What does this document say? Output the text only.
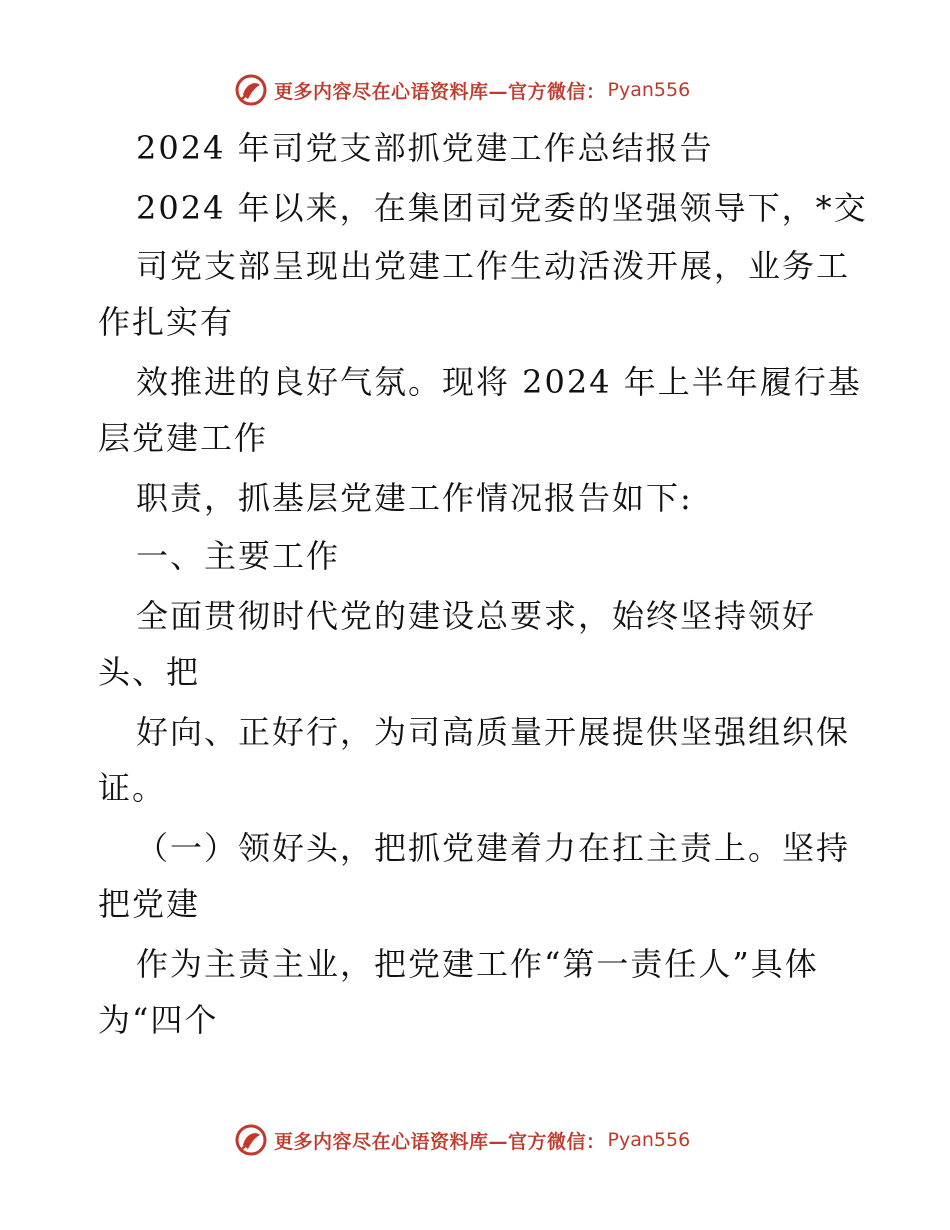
更多内容尽在心语资料库—官方微信： Pyan556
2024 年司党支部抓党建工作总结报告
2024 年以来，在集团司党委的坚强领导下，*交
司党支部呈现出党建工作生动活泼开展，业务工
作扎实有
效推进的良好气氛。现将 2024 年上半年履行基
层党建工作
职责，抓基层党建工作情况报告如下:
一、主要工作
全面贯彻时代党的建设总要求，始终坚持领好
头、把
好向、正好行，为司高质量开展提供坚强组织保
证。
（一）领好头，把抓党建着力在扛主责上。坚持
把党建
作为主责主业，把党建工作“第一责任人”具体
为“四个
更多内容尽在心语资料库—官方微信： Pyan556
